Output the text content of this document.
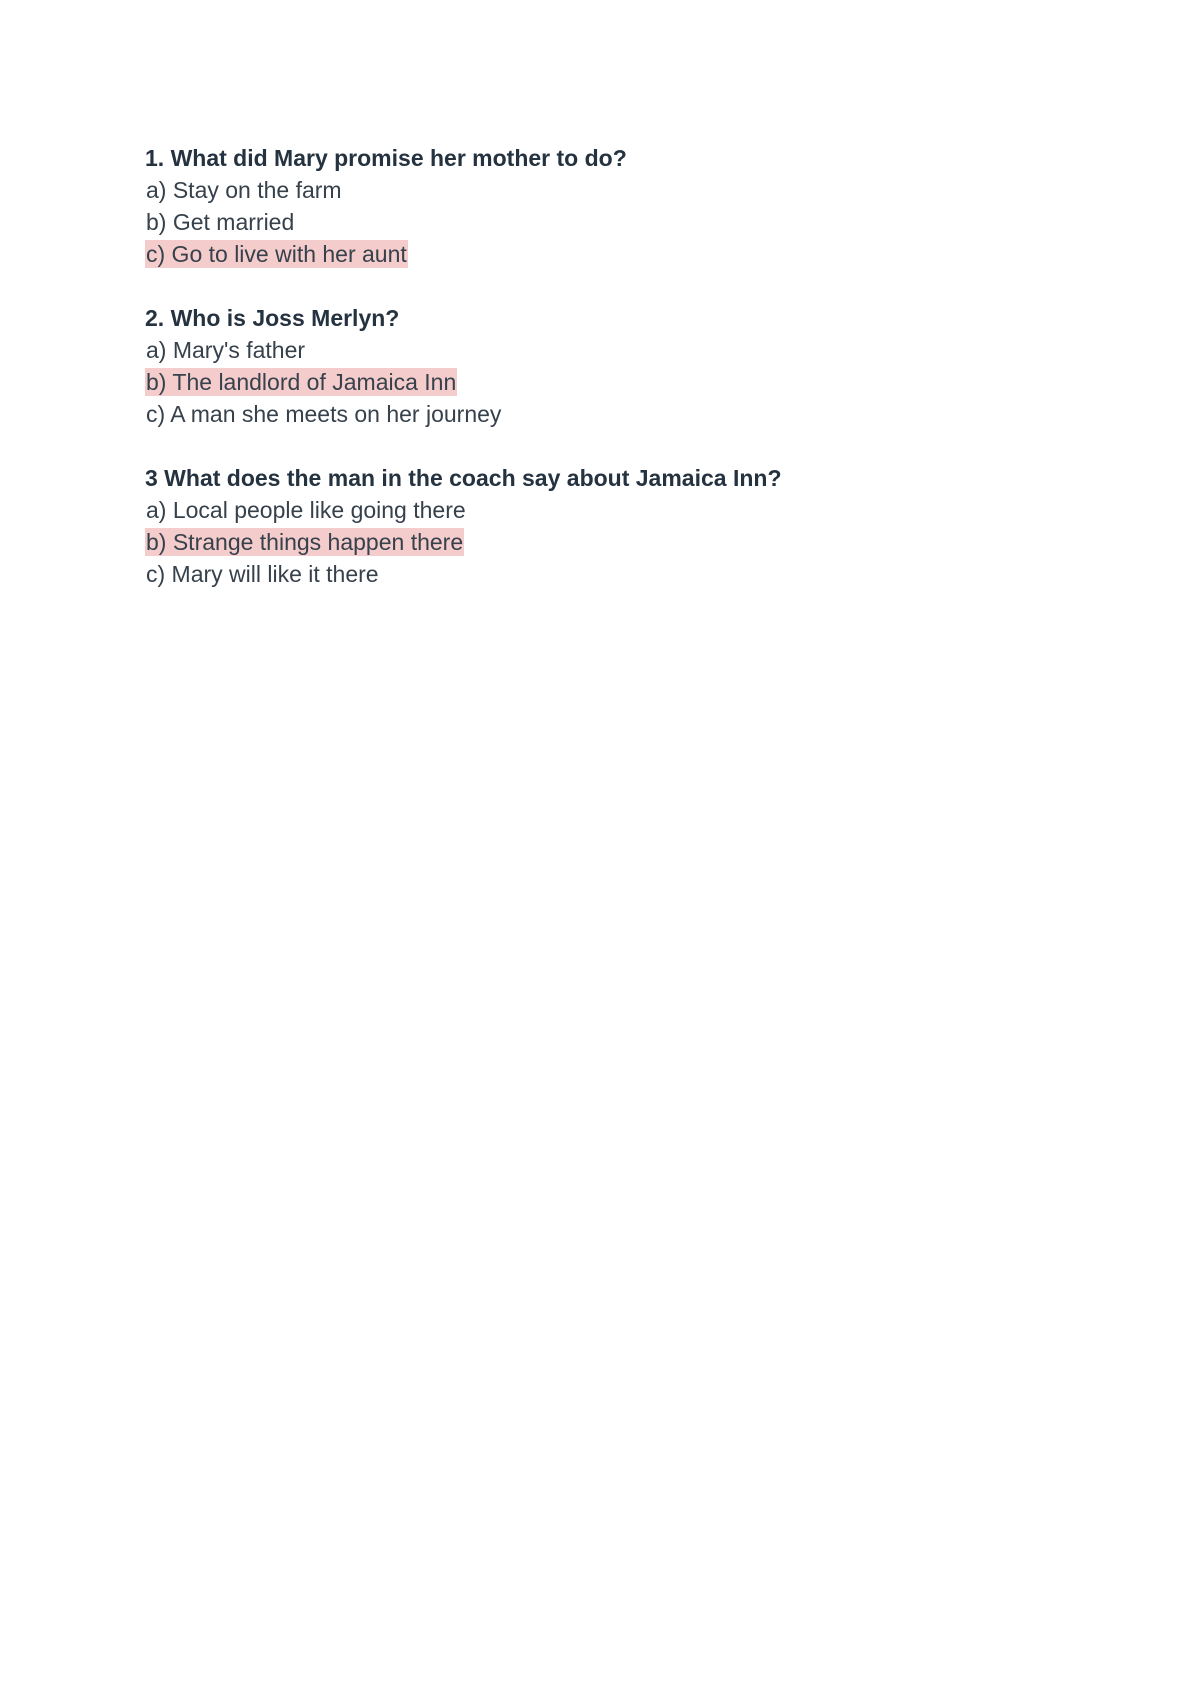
1. What did Mary promise her mother to do?
a) Stay on the farm
b) Get married
c) Go to live with her aunt
2. Who is Joss Merlyn?
a) Mary's father
b) The landlord of Jamaica Inn
c) A man she meets on her journey
3 What does the man in the coach say about Jamaica Inn?
a) Local people like going there
b) Strange things happen there
c) Mary will like it there
